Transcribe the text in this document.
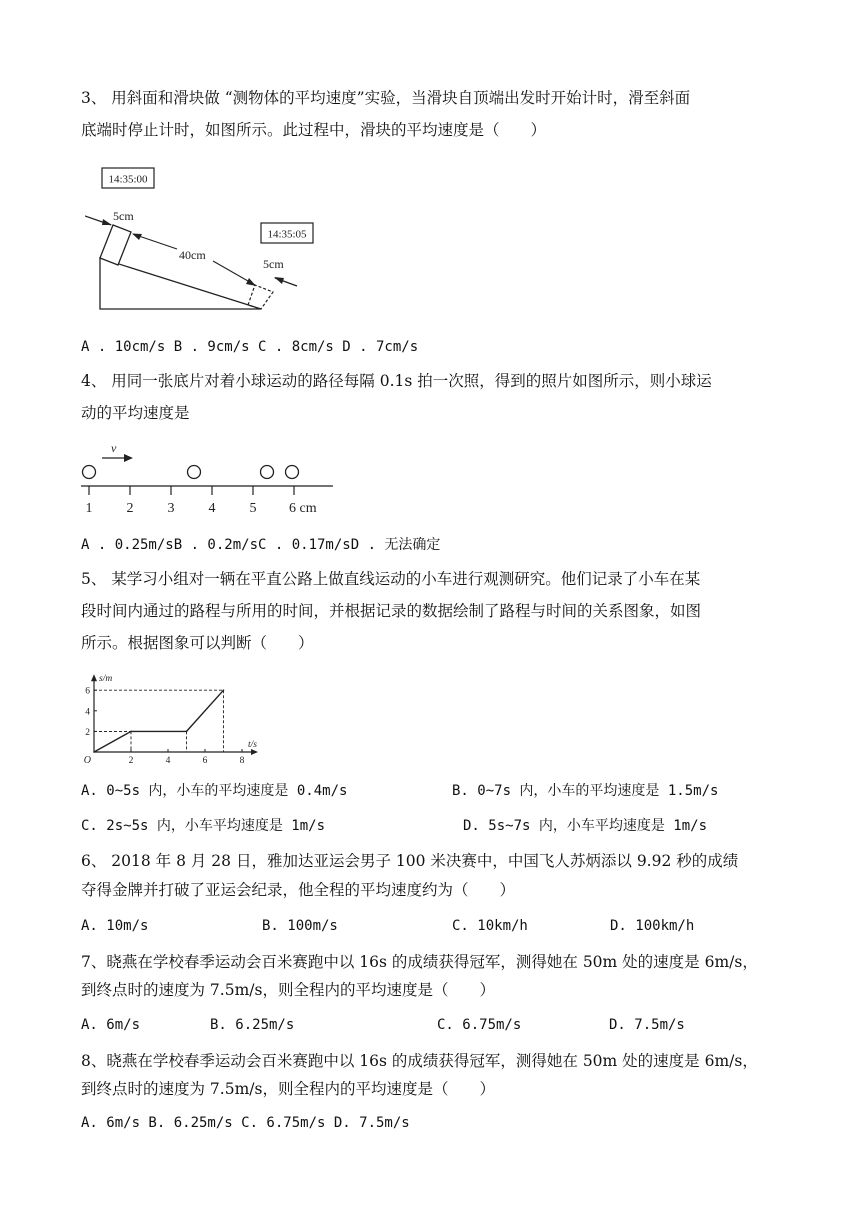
3、 用斜面和滑块做 “测物体的平均速度”实验，当滑块自顶端出发时开始计时，滑至斜面
底端时停止计时，如图所示。此过程中，滑块的平均速度是（　　）
14:35:00
14:35:05
5cm
40cm
5cm
A . 10cm/s B . 9cm/s C . 8cm/s D . 7cm/s
4、 用同一张底片对着小球运动的路径每隔 0.1s 拍一次照，得到的照片如图所示，则小球运
动的平均速度是
v
1 2 3 4 5 6 cm
A . 0.25m/sB . 0.2m/sC . 0.17m/sD . 无法确定
5、 某学习小组对一辆在平直公路上做直线运动的小车进行观测研究。他们记录了小车在某
段时间内通过的路程与所用的时间，并根据记录的数据绘制了路程与时间的关系图象，如图
所示。根据图象可以判断（　　）
2	4	6	8
2
4
6
O
t/s
s/m
A. 0~5s 内，小车的平均速度是 0.4m/s	B. 0~7s 内，小车的平均速度是 1.5m/s
C. 2s~5s 内，小车平均速度是 1m/s	D. 5s~7s 内，小车平均速度是 1m/s
6、 2018 年 8 月 28 日，雅加达亚运会男子 100 米决赛中，中国飞人苏炳添以 9.92 秒的成绩
夺得金牌并打破了亚运会纪录，他全程的平均速度约为（　　）
A. 10m/s	B. 100m/s	C. 10km/h	D. 100km/h
7、晓燕在学校春季运动会百米赛跑中以 16s 的成绩获得冠军，测得她在 50m 处的速度是 6m/s，
到终点时的速度为 7.5m/s，则全程内的平均速度是（　　）
A. 6m/s	B. 6.25m/s	C. 6.75m/s	D. 7.5m/s
8、晓燕在学校春季运动会百米赛跑中以 16s 的成绩获得冠军，测得她在 50m 处的速度是 6m/s，
到终点时的速度为 7.5m/s，则全程内的平均速度是（　　）
A. 6m/s B. 6.25m/s C. 6.75m/s D. 7.5m/s
